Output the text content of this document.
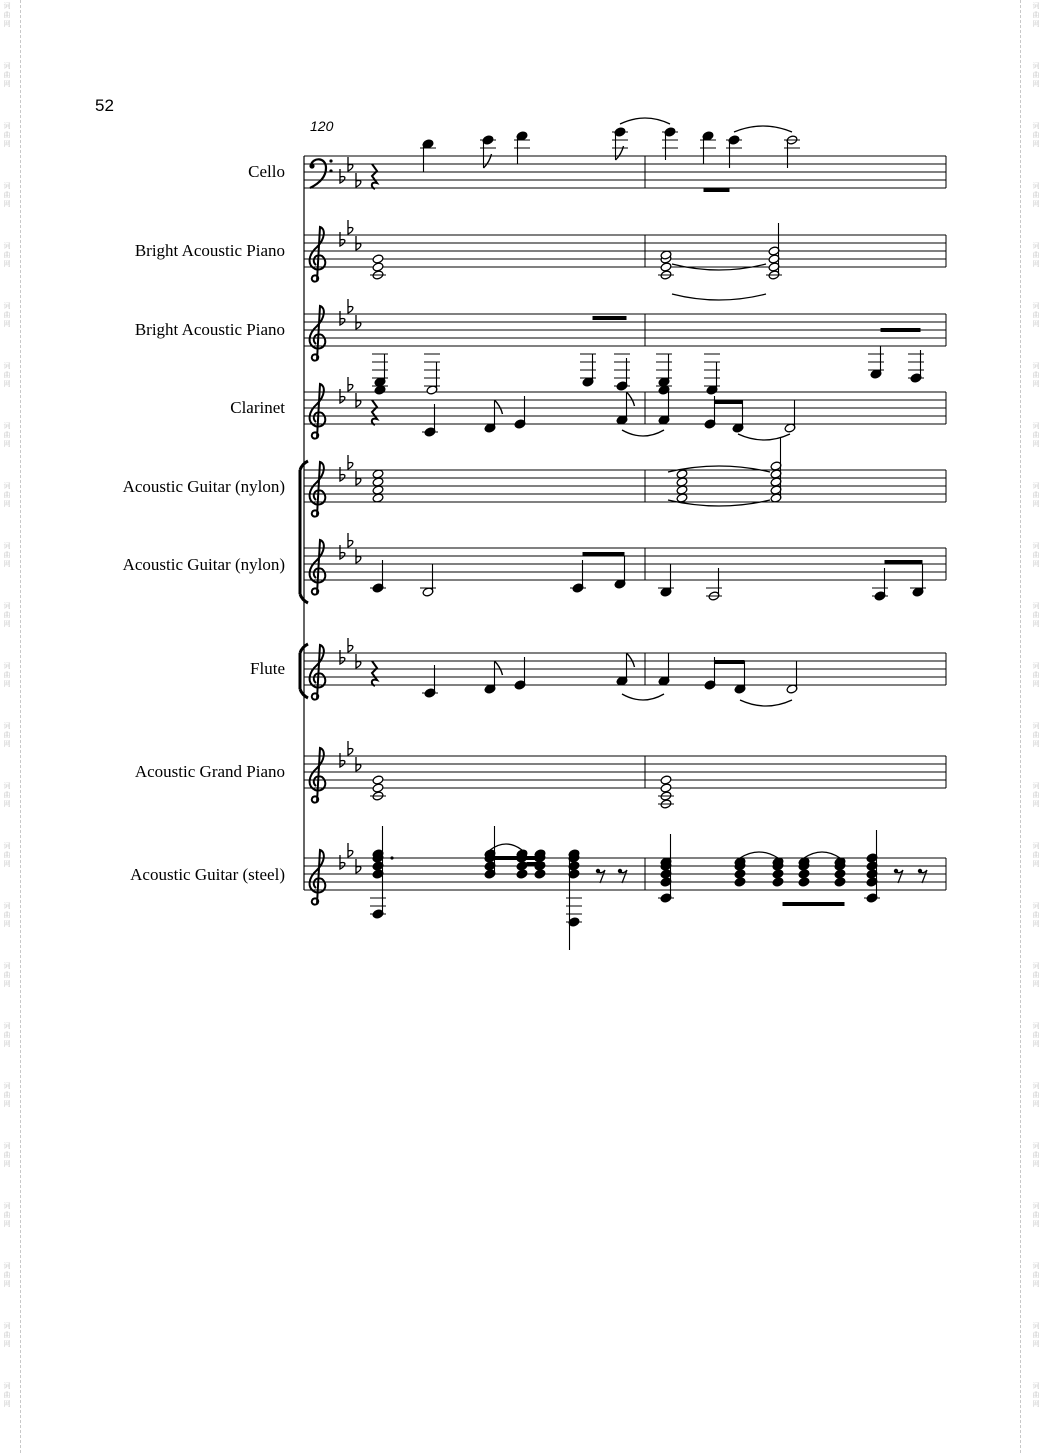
词
曲
网
词
曲
网
词
曲
网
词
曲
网
词
曲
网
词
曲
网
词
曲
网
词
曲
网
词
曲
网
词
曲
网
词
曲
网
词
曲
网
词
曲
网
词
曲
网
词
曲
网
词
曲
网
词
曲
网
词
曲
网
词
曲
网
词
曲
网
词
曲
网
词
曲
网
词
曲
网
词
曲
网
词
曲
网
词
曲
网
词
曲
网
词
曲
网
词
曲
网
词
曲
网
词
曲
网
词
曲
网
词
曲
网
词
曲
网
词
曲
网
词
曲
网
词
曲
网
词
曲
网
词
曲
网
词
曲
网
词
曲
网
词
曲
网
词
曲
网
词
曲
网
词
曲
网
词
曲
网
词
曲
网
词
曲
网
52
120
Cello
Bright Acoustic Piano
Bright Acoustic Piano
Clarinet
Acoustic Guitar (nylon)
Acoustic Guitar (nylon)
Flute
Acoustic Grand Piano
Acoustic Guitar (steel)
